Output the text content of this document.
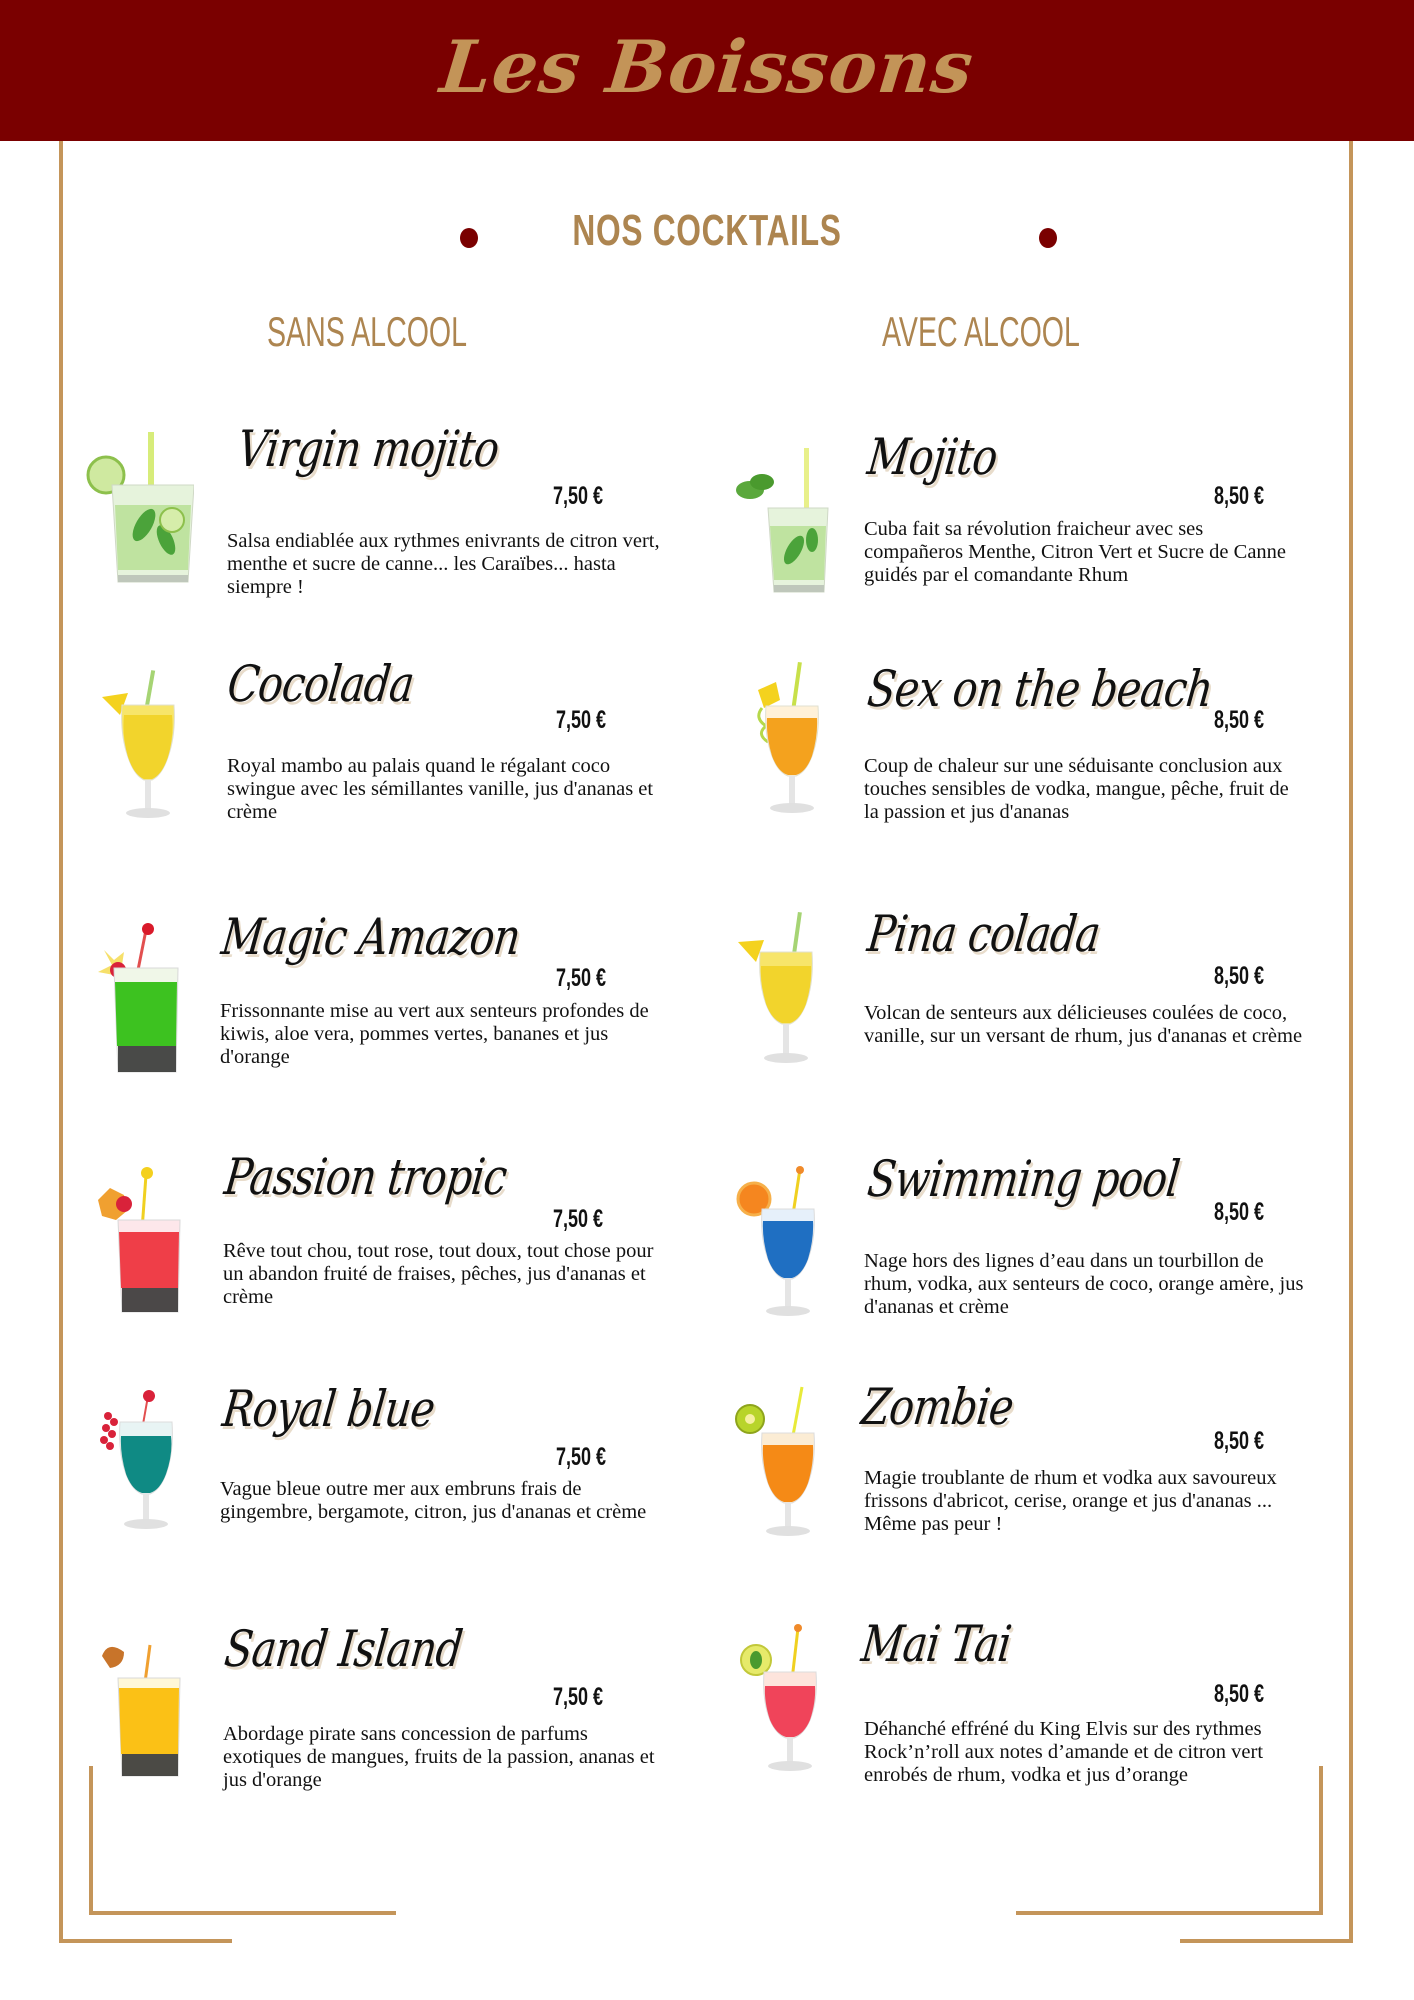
Les Boissons
NOS COCKTAILS
SANS ALCOOL	AVEC ALCOOL
Virgin mojito
7,50 €
Salsa endiablée aux rythmes enivrants de citron vert, menthe et sucre de canne... les Caraïbes... hasta siempre !
Cocolada
7,50 €
Royal mambo au palais quand le régalant coco swingue avec les sémillantes vanille, jus d'ananas et crème
Magic Amazon
7,50 €
Frissonnante mise au vert aux senteurs profondes de kiwis, aloe vera, pommes vertes, bananes et jus d'orange
Passion tropic
7,50 €
Rêve tout chou, tout rose, tout doux, tout chose pour un abandon fruité de fraises, pêches, jus d'ananas et crème
Royal blue
7,50 €
Vague bleue outre mer aux embruns frais de gingembre, bergamote, citron, jus d'ananas et crème
Sand Island
7,50 €
Abordage pirate sans concession de parfums exotiques de mangues, fruits de la passion, ananas et jus d'orange
Mojito
8,50 €
Cuba fait sa révolution fraicheur avec ses compañeros Menthe, Citron Vert et Sucre de Canne guidés par el comandante Rhum
Sex on the beach
8,50 €
Coup de chaleur sur une séduisante conclusion aux touches sensibles de vodka, mangue, pêche, fruit de la passion et jus d'ananas
Pina colada
8,50 €
Volcan de senteurs aux délicieuses coulées de coco, vanille, sur un versant de rhum, jus d'ananas et crème
Swimming pool
8,50 €
Nage hors des lignes d’eau dans un tourbillon de rhum, vodka, aux senteurs de coco, orange amère, jus d'ananas et crème
Zombie
8,50 €
Magie troublante de rhum et vodka aux savoureux frissons d'abricot, cerise, orange et jus d'ananas ... Même pas peur !
Mai Tai
8,50 €
Déhanché effréné du King Elvis sur des rythmes Rock’n’roll aux notes d’amande et de citron vert enrobés de rhum, vodka et jus d’orange
